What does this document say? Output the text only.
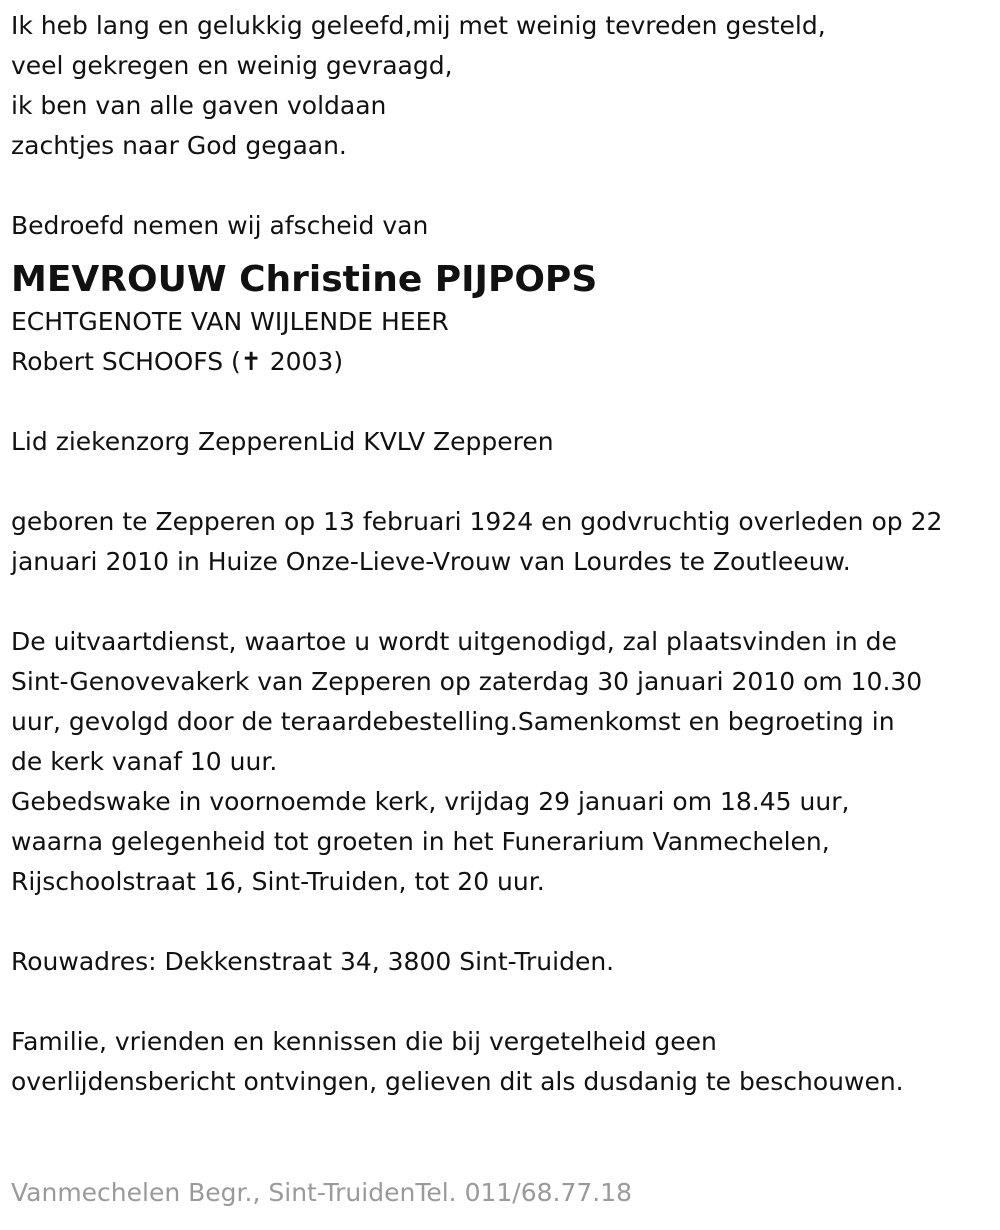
Ik heb lang en gelukkig geleefd,mij met weinig tevreden gesteld,
veel gekregen en weinig gevraagd,
ik ben van alle gaven voldaan
zachtjes naar God gegaan.
Bedroefd nemen wij afscheid van
MEVROUW Christine PIJPOPS
ECHTGENOTE VAN WIJLENDE HEER
Robert SCHOOFS (✝ 2003)
Lid ziekenzorg ZepperenLid KVLV Zepperen
geboren te Zepperen op 13 februari 1924 en godvruchtig overleden op 22
januari 2010 in Huize Onze-Lieve-Vrouw van Lourdes te Zoutleeuw.
De uitvaartdienst, waartoe u wordt uitgenodigd, zal plaatsvinden in de
Sint-Genovevakerk van Zepperen op zaterdag 30 januari 2010 om 10.30
uur, gevolgd door de teraardebestelling.Samenkomst en begroeting in
de kerk vanaf 10 uur.
Gebedswake in voornoemde kerk, vrijdag 29 januari om 18.45 uur,
waarna gelegenheid tot groeten in het Funerarium Vanmechelen,
Rijschoolstraat 16, Sint-Truiden, tot 20 uur.
Rouwadres: Dekkenstraat 34, 3800 Sint-Truiden.
Familie, vrienden en kennissen die bij vergetelheid geen
overlijdensbericht ontvingen, gelieven dit als dusdanig te beschouwen.
Vanmechelen Begr., Sint-TruidenTel. 011/68.77.18
